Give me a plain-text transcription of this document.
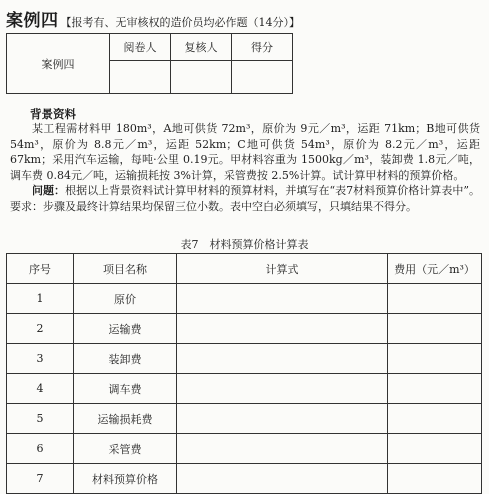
案例四 【报考有、无审核权的造价员均必作题（14分）】
案例四	阅卷人	复核人	得分

背景资料

某工程需材料甲 180m³，A地可供货 72m³，原价为 9元／m³，运距 71km；B地可供货 54m³，原价为 8.8元／m³，运距 52km；C地可供货 54m³，原价为 8.2元／m³，运距 67km；采用汽车运输，每吨·公里 0.19元。甲材料容重为 1500kg／m³，装卸费 1.8元／吨，调车费 0.84元／吨，运输损耗按 3%计算，采管费按 2.5%计算。试计算甲材料的预算价格。

问题：根据以上背景资料试计算甲材料的预算材料，并填写在“表7材料预算价格计算表中”。要求：步骤及最终计算结果均保留三位小数。表中空白必须填写，只填结果不得分。

表7　材料预算价格计算表
序号	项目名称	计算式	费用（元／m³）
1	原价		
2	运输费		
3	装卸费		
4	调车费		
5	运输损耗费		
6	采管费		
7	材料预算价格		
